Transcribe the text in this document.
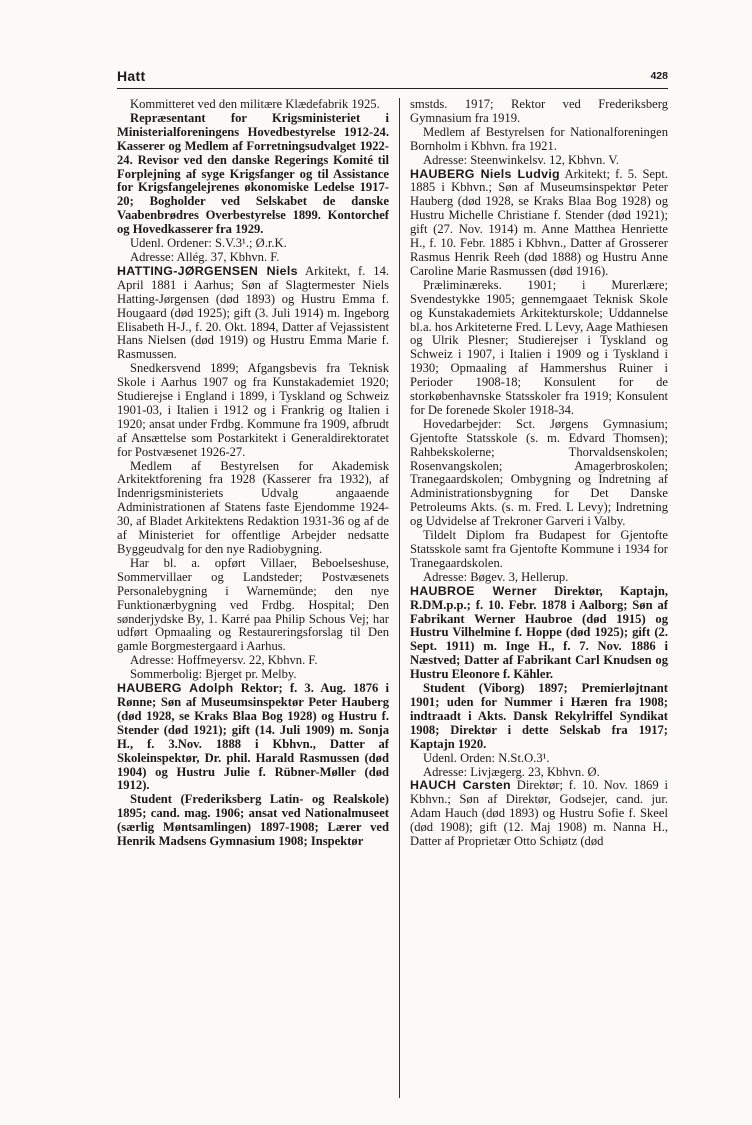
Hatt	428

Kommitteret ved den militære Klædefabrik 1925.

Repræsentant for Krigsministeriet i Ministerialforeningens Hovedbestyrelse 1912-24. Kasserer og Medlem af Forretningsudvalget 1922-24. Revisor ved den danske Regerings Komité til Forplejning af syge Krigsfanger og til Assistance for Krigsfangelejrenes økonomiske Ledelse 1917-20; Bogholder ved Selskabet de danske Vaabenbrødres Overbestyrelse 1899. Kontorchef og Hovedkasserer fra 1929.

Udenl. Ordener: S.V.3¹.; Ø.r.K.

Adresse: Allég. 37, Kbhvn. F.

HATTING-JØRGENSEN Niels Arkitekt, f. 14. April 1881 i Aarhus; Søn af Slagtermester Niels Hatting-Jørgensen (død 1893) og Hustru Emma f. Hougaard (død 1925); gift (3. Juli 1914) m. Ingeborg Elisabeth H-J., f. 20. Okt. 1894, Datter af Vejassistent Hans Nielsen (død 1919) og Hustru Emma Marie f. Rasmussen.

Snedkersvend 1899; Afgangsbevis fra Teknisk Skole i Aarhus 1907 og fra Kunstakademiet 1920; Studierejse i England i 1899, i Tyskland og Schweiz 1901-03, i Italien i 1912 og i Frankrig og Italien i 1920; ansat under Frdbg. Kommune fra 1909, afbrudt af Ansættelse som Postarkitekt i Generaldirektoratet for Postvæsenet 1926-27.

Medlem af Bestyrelsen for Akademisk Arkitektforening fra 1928 (Kasserer fra 1932), af Indenrigsministeriets Udvalg angaaende Administrationen af Statens faste Ejendomme 1924-30, af Bladet Arkitektens Redaktion 1931-36 og af de af Ministeriet for offentlige Arbejder nedsatte Byggeudvalg for den nye Radiobygning.

Har bl. a. opført Villaer, Beboelseshuse, Sommervillaer og Landsteder; Postvæsenets Personalebygning i Warnemünde; den nye Funktionærbygning ved Frdbg. Hospital; Den sønderjydske By, 1. Karré paa Philip Schous Vej; har udført Opmaaling og Restaureringsforslag til Den gamle Borgmestergaard i Aarhus.

Adresse: Hoffmeyersv. 22, Kbhvn. F.

Sommerbolig: Bjerget pr. Melby.

HAUBERG Adolph Rektor; f. 3. Aug. 1876 i Rønne; Søn af Museumsinspektør Peter Hauberg (død 1928, se Kraks Blaa Bog 1928) og Hustru f. Stender (død 1921); gift (14. Juli 1909) m. Sonja H., f. 3.Nov. 1888 i Kbhvn., Datter af Skoleinspektør, Dr. phil. Harald Rasmussen (død 1904) og Hustru Julie f. Rübner-Møller (død 1912).

Student (Frederiksberg Latin- og Realskole) 1895; cand. mag. 1906; ansat ved Nationalmuseet (særlig Møntsamlingen) 1897-1908; Lærer ved Henrik Madsens Gymnasium 1908; Inspektør

smstds. 1917; Rektor ved Frederiksberg Gymnasium fra 1919.

Medlem af Bestyrelsen for Nationalforeningen Bornholm i Kbhvn. fra 1921.

Adresse: Steenwinkelsv. 12, Kbhvn. V.

HAUBERG Niels Ludvig Arkitekt; f. 5. Sept. 1885 i Kbhvn.; Søn af Museumsinspektør Peter Hauberg (død 1928, se Kraks Blaa Bog 1928) og Hustru Michelle Christiane f. Stender (død 1921); gift (27. Nov. 1914) m. Anne Matthea Henriette H., f. 10. Febr. 1885 i Kbhvn., Datter af Grosserer Rasmus Henrik Reeh (død 1888) og Hustru Anne Caroline Marie Rasmussen (død 1916).

Præliminæreks. 1901; i Murerlære; Svendestykke 1905; gennemgaaet Teknisk Skole og Kunstakademiets Arkitekturskole; Uddannelse bl.a. hos Arkiteterne Fred. L Levy, Aage Mathiesen og Ulrik Plesner; Studierejser i Tyskland og Schweiz i 1907, i Italien i 1909 og i Tyskland i 1930; Opmaaling af Hammershus Ruiner i Perioder 1908-18; Konsulent for de storkøbenhavnske Statsskoler fra 1919; Konsulent for De forenede Skoler 1918-34.

Hovedarbejder: Sct. Jørgens Gymnasium; Gjentofte Statsskole (s. m. Edvard Thomsen); Rahbekskolerne; Thorvaldsenskolen; Rosenvangskolen; Amagerbroskolen; Tranegaardskolen; Ombygning og Indretning af Administrationsbygning for Det Danske Petroleums Akts. (s. m. Fred. L Levy); Indretning og Udvidelse af Trekroner Garveri i Valby.

Tildelt Diplom fra Budapest for Gjentofte Statsskole samt fra Gjentofte Kommune i 1934 for Tranegaardskolen.

Adresse: Bøgev. 3, Hellerup.

HAUBROE Werner Direktør, Kaptajn, R.DM.p.p.; f. 10. Febr. 1878 i Aalborg; Søn af Fabrikant Werner Haubroe (død 1915) og Hustru Vilhelmine f. Hoppe (død 1925); gift (2. Sept. 1911) m. Inge H., f. 7. Nov. 1886 i Næstved; Datter af Fabrikant Carl Knudsen og Hustru Eleonore f. Kähler.

Student (Viborg) 1897; Premierløjtnant 1901; uden for Nummer i Hæren fra 1908; indtraadt i Akts. Dansk Rekylriffel Syndikat 1908; Direktør i dette Selskab fra 1917; Kaptajn 1920.

Udenl. Orden: N.St.O.3¹.

Adresse: Livjægerg. 23, Kbhvn. Ø.

HAUCH Carsten Direktør; f. 10. Nov. 1869 i Kbhvn.; Søn af Direktør, Godsejer, cand. jur. Adam Hauch (død 1893) og Hustru Sofie f. Skeel (død 1908); gift (12. Maj 1908) m. Nanna H., Datter af Proprietær Otto Schiøtz (død
